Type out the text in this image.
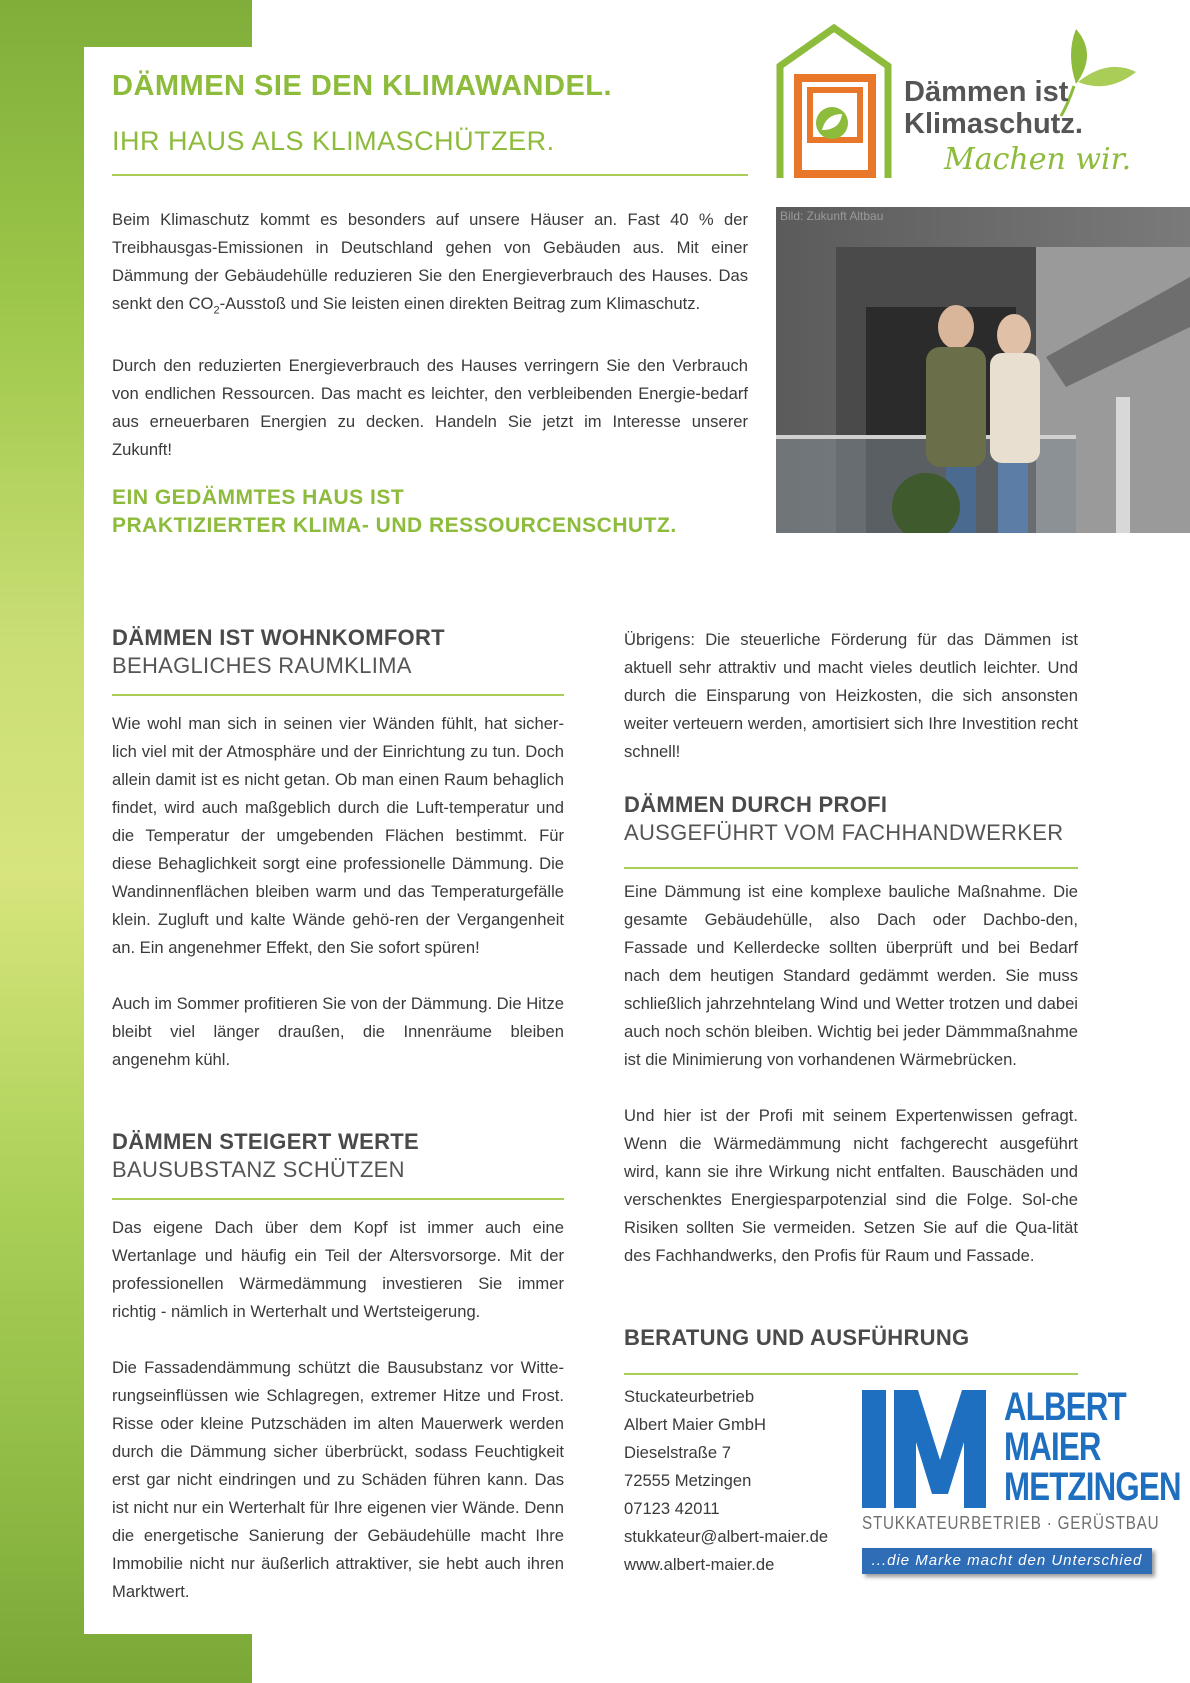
DÄMMEN SIE DEN KLIMAWANDEL.
IHR HAUS ALS KLIMASCHÜTZER.
Dämmen ist
Klimaschutz.
Machen wir.

Beim Klimaschutz kommt es besonders auf unsere Häuser an. Fast 40 % der Treibhausgas-Emissionen in Deutschland gehen von Gebäuden aus. Mit einer Dämmung der Gebäudehülle reduzieren Sie den Energieverbrauch des Hauses. Das senkt den $CO_2$-Ausstoß und Sie leisten einen direkten Beitrag zum Klimaschutz.

Durch den reduzierten Energieverbrauch des Hauses verringern Sie den Verbrauch von endlichen Ressourcen. Das macht es leichter, den verbleibenden Energie-bedarf aus erneuerbaren Energien zu decken. Handeln Sie jetzt im Interesse unserer Zukunft!

EIN GEDÄMMTES HAUS IST
PRAKTIZIERTER KLIMA- UND RESSOURCENSCHUTZ.
Bild: Zukunft Altbau
DÄMMEN IST WOHNKOMFORT
BEHAGLICHES RAUMKLIMA

Wie wohl man sich in seinen vier Wänden fühlt, hat sicher-lich viel mit der Atmosphäre und der Einrichtung zu tun. Doch allein damit ist es nicht getan. Ob man einen Raum behaglich findet, wird auch maßgeblich durch die Luft-temperatur und die Temperatur der umgebenden Flächen bestimmt. Für diese Behaglichkeit sorgt eine professionelle Dämmung. Die Wandinnenflächen bleiben warm und das Temperaturgefälle klein. Zugluft und kalte Wände gehö-ren der Vergangenheit an. Ein angenehmer Effekt, den Sie sofort spüren!

Auch im Sommer profitieren Sie von der Dämmung. Die Hitze bleibt viel länger draußen, die Innenräume bleiben angenehm kühl.

DÄMMEN STEIGERT WERTE
BAUSUBSTANZ SCHÜTZEN

Das eigene Dach über dem Kopf ist immer auch eine Wertanlage und häufig ein Teil der Altersvorsorge. Mit der professionellen Wärmedämmung investieren Sie immer richtig - nämlich in Werterhalt und Wertsteigerung.

Die Fassadendämmung schützt die Bausubstanz vor Witte-rungseinflüssen wie Schlagregen, extremer Hitze und Frost. Risse oder kleine Putzschäden im alten Mauerwerk werden durch die Dämmung sicher überbrückt, sodass Feuchtigkeit erst gar nicht eindringen und zu Schäden führen kann. Das ist nicht nur ein Werterhalt für Ihre eigenen vier Wände. Denn die energetische Sanierung der Gebäudehülle macht Ihre Immobilie nicht nur äußerlich attraktiver, sie hebt auch ihren Marktwert.

Übrigens: Die steuerliche Förderung für das Dämmen ist aktuell sehr attraktiv und macht vieles deutlich leichter. Und durch die Einsparung von Heizkosten, die sich ansonsten weiter verteuern werden, amortisiert sich Ihre Investition recht schnell!

DÄMMEN DURCH PROFI
AUSGEFÜHRT VOM FACHHANDWERKER

Eine Dämmung ist eine komplexe bauliche Maßnahme. Die gesamte Gebäudehülle, also Dach oder Dachbo-den, Fassade und Kellerdecke sollten überprüft und bei Bedarf nach dem heutigen Standard gedämmt werden. Sie muss schließlich jahrzehntelang Wind und Wetter trotzen und dabei auch noch schön bleiben. Wichtig bei jeder Dämmmaßnahme ist die Minimierung von vorhandenen Wärmebrücken.

Und hier ist der Profi mit seinem Expertenwissen gefragt. Wenn die Wärmedämmung nicht fachgerecht ausgeführt wird, kann sie ihre Wirkung nicht entfalten. Bauschäden und verschenktes Energiesparpotenzial sind die Folge. Sol-che Risiken sollten Sie vermeiden. Setzen Sie auf die Qua-lität des Fachhandwerks, den Profis für Raum und Fassade.

BERATUNG UND AUSFÜHRUNG
Stuckateurbetrieb
Albert Maier GmbH
Dieselstraße 7
72555 Metzingen
07123 42011
stukkateur@albert-maier.de
www.albert-maier.de
ALBERT
MAIER
METZINGEN
STUKKATEURBETRIEB · GERÜSTBAU
...die Marke macht den Unterschied
